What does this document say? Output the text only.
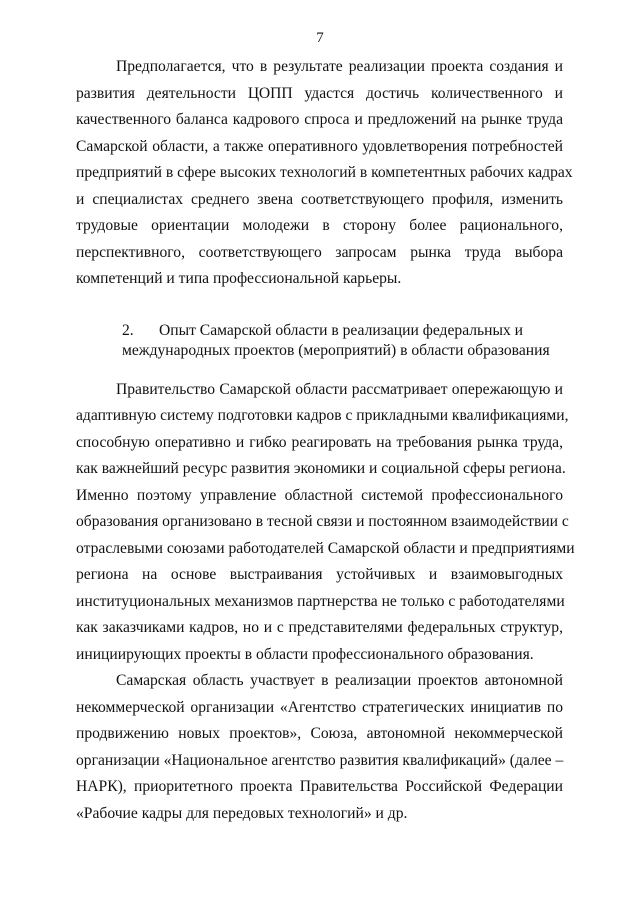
7
Предполагается, что в результате реализации проекта создания и
развития деятельности ЦОПП удастся достичь количественного и
качественного баланса кадрового спроса и предложений на рынке труда
Самарской области, а также оперативного удовлетворения потребностей
предприятий в сфере высоких технологий в компетентных рабочих кадрах
и специалистах среднего звена соответствующего профиля, изменить
трудовые ориентации молодежи в сторону более рационального,
перспективного, соответствующего запросам рынка труда выбора
компетенций и типа профессиональной карьеры.
2. Опыт Самарской области в реализации федеральных и
международных проектов (мероприятий) в области образования
Правительство Самарской области рассматривает опережающую и
адаптивную систему подготовки кадров с прикладными квалификациями,
способную оперативно и гибко реагировать на требования рынка труда,
как важнейший ресурс развития экономики и социальной сферы региона.
Именно поэтому управление областной системой профессионального
образования организовано в тесной связи и постоянном взаимодействии с
отраслевыми союзами работодателей Самарской области и предприятиями
региона на основе выстраивания устойчивых и взаимовыгодных
институциональных механизмов партнерства не только с работодателями
как заказчиками кадров, но и с представителями федеральных структур,
инициирующих проекты в области профессионального образования.
Самарская область участвует в реализации проектов автономной
некоммерческой организации «Агентство стратегических инициатив по
продвижению новых проектов», Союза, автономной некоммерческой
организации «Национальное агентство развития квалификаций» (далее –
НАРК), приоритетного проекта Правительства Российской Федерации
«Рабочие кадры для передовых технологий» и др.
